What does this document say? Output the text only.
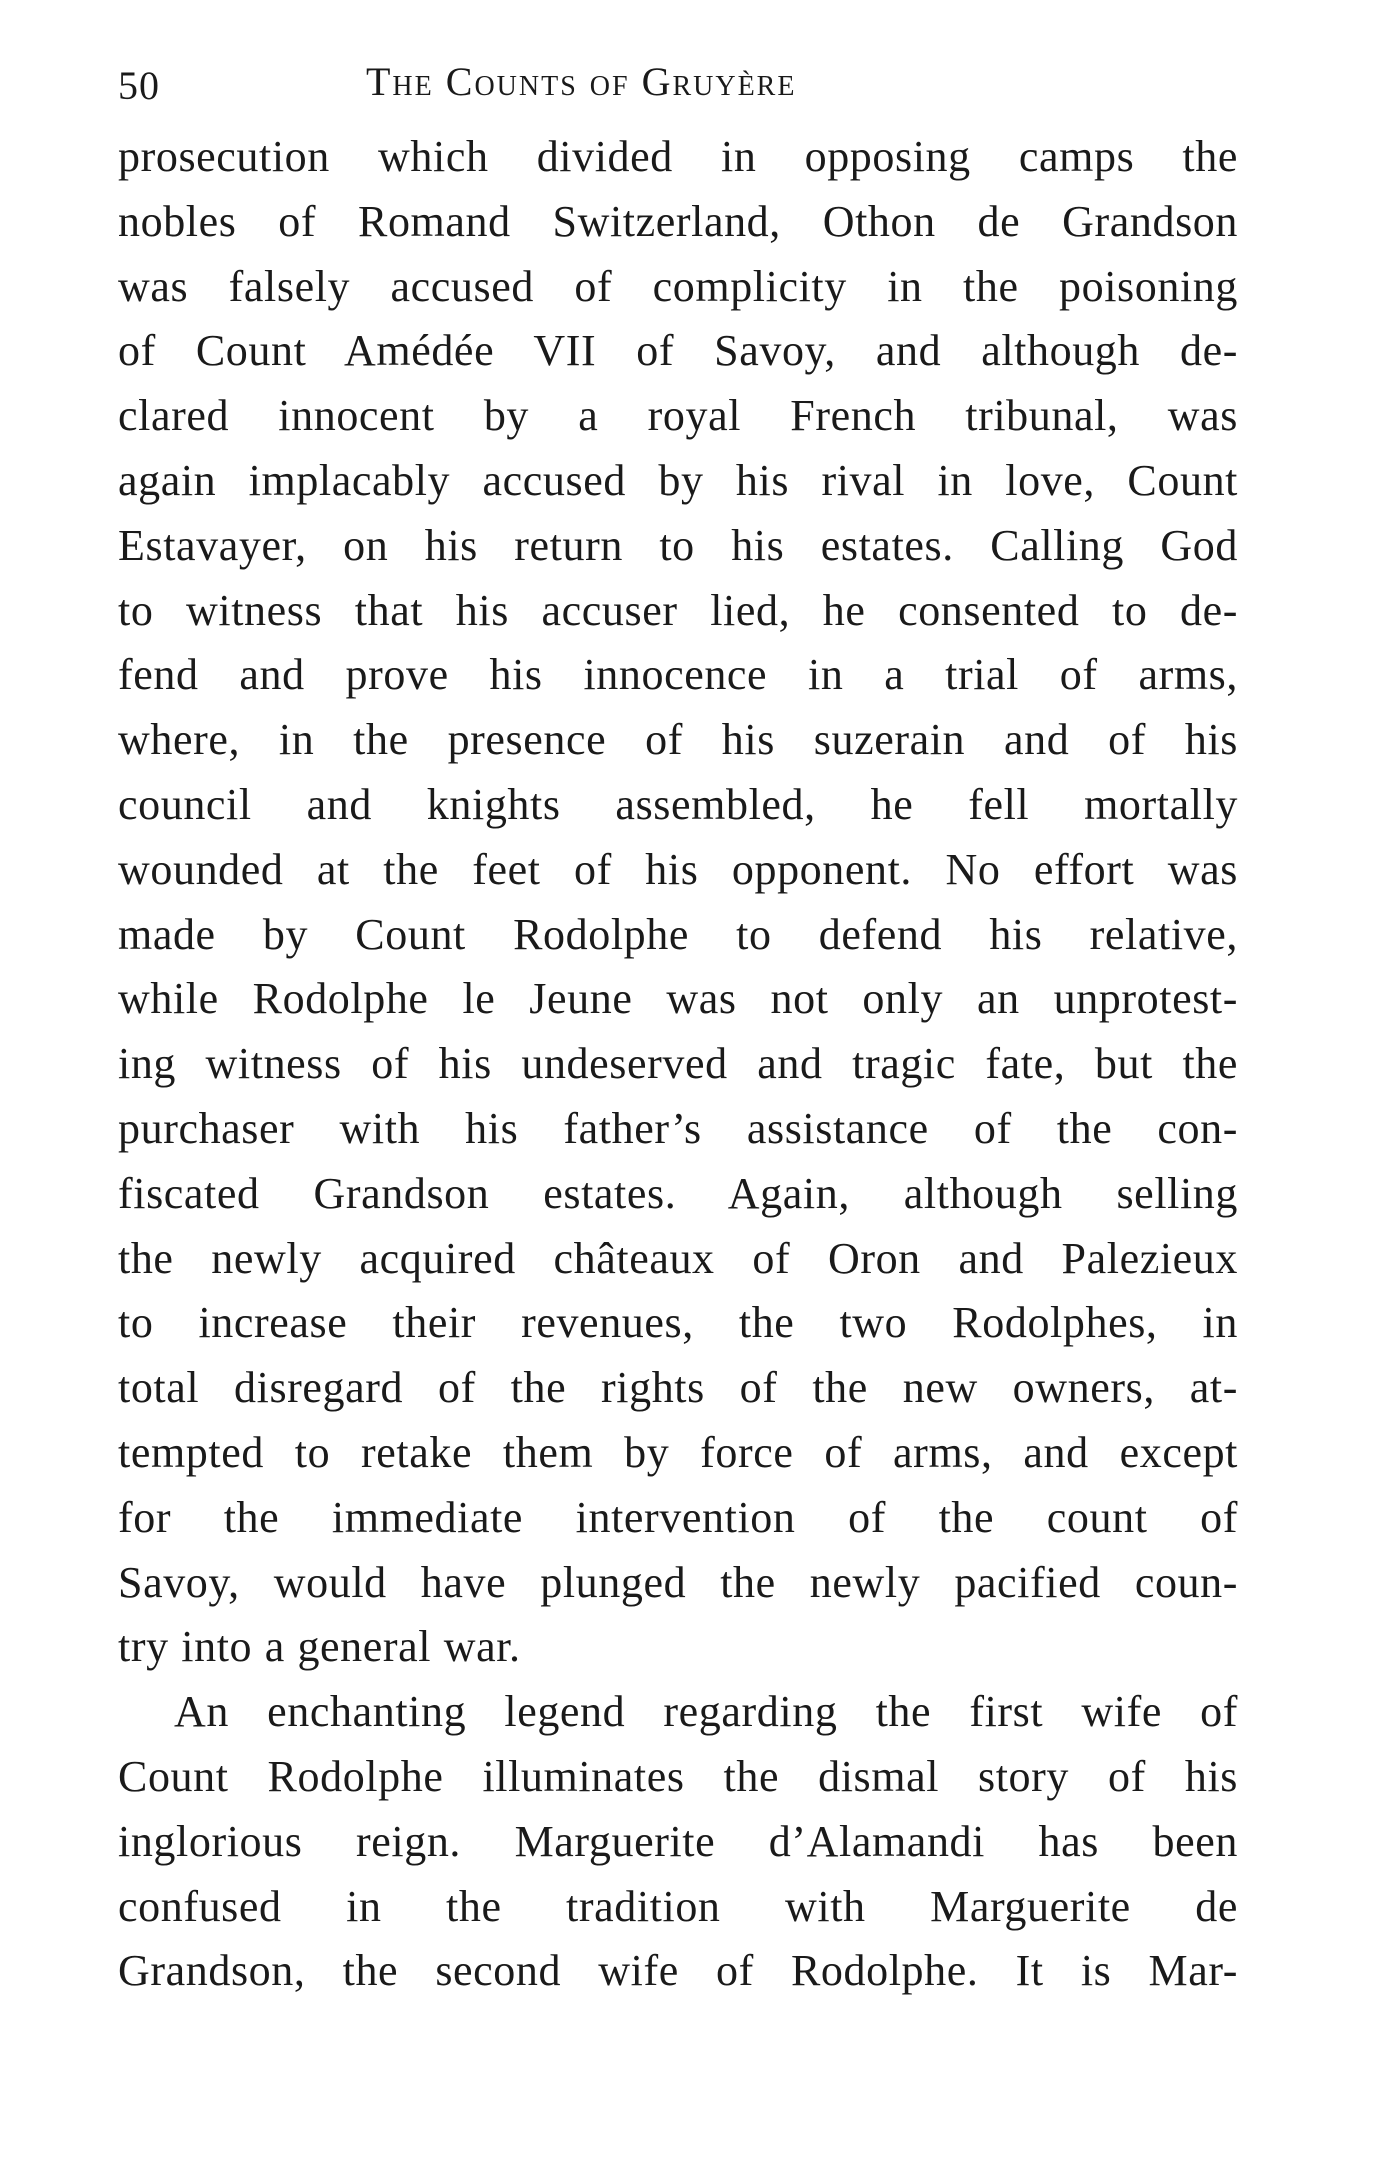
50	The Counts of Gruyère
prosecution which divided in opposing camps the
nobles of Romand Switzerland, Othon de Grandson
was falsely accused of complicity in the poisoning
of Count Amédée VII of Savoy, and although de-
clared innocent by a royal French tribunal, was
again implacably accused by his rival in love, Count
Estavayer, on his return to his estates. Calling God
to witness that his accuser lied, he consented to de-
fend and prove his innocence in a trial of arms,
where, in the presence of his suzerain and of his
council and knights assembled, he fell mortally
wounded at the feet of his opponent. No effort was
made by Count Rodolphe to defend his relative,
while Rodolphe le Jeune was not only an unprotest-
ing witness of his undeserved and tragic fate, but the
purchaser with his father’s assistance of the con-
fiscated Grandson estates. Again, although selling
the newly acquired châteaux of Oron and Palezieux
to increase their revenues, the two Rodolphes, in
total disregard of the rights of the new owners, at-
tempted to retake them by force of arms, and except
for the immediate intervention of the count of
Savoy, would have plunged the newly pacified coun-
try into a general war.
An enchanting legend regarding the first wife of
Count Rodolphe illuminates the dismal story of his
inglorious reign. Marguerite d’Alamandi has been
confused in the tradition with Marguerite de
Grandson, the second wife of Rodolphe. It is Mar-
